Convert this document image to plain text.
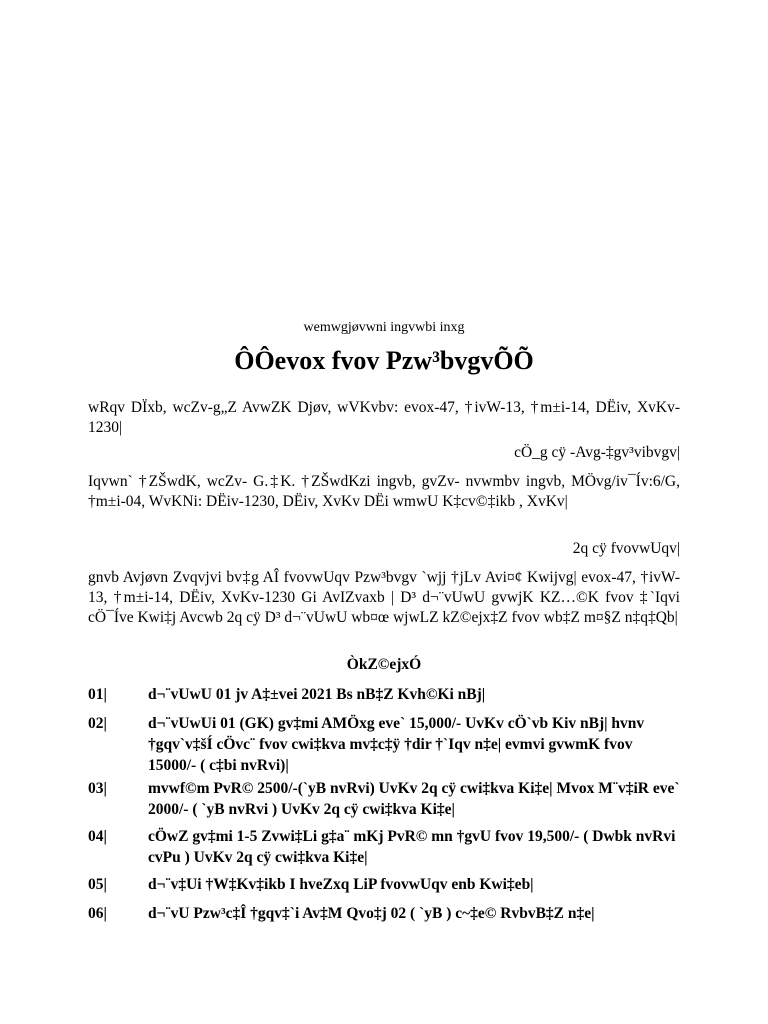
wemwgjøvwni ingvwbi inxg
ÔÔevox fvov Pzw³bvgvÕÕ
wRqv DÏxb, wcZv-g„Z AvwZK Djøv, wVKvbv: evox-47, †ivW-13, †m±i-14, DËiv, XvKv-1230|
cÖ_g cÿ -Avg-‡gv³vibvgv|
Iqvwn` †ZŠwdK, wcZv- G.‡K. †ZŠwdKzi ingvb, gvZv- nvwmbv ingvb, MÖvg/iv¯Ív:6/G, †m±i-04, WvKNi: DËiv-1230, DËiv, XvKv DËi wmwU K‡cv©‡ikb , XvKv|
2q cÿ fvovwUqv|
gnvb Avjøvn Zvqvjvi bv‡g AÎ fvovwUqv Pzw³bvgv `wjj †jLv Avi¤¢ Kwijvg| evox-47, †ivW-13, †m±i-14, DËiv, XvKv-1230 Gi AvIZvaxb | D³ d¬¨vUwU gvwjK KZ…©K fvov ‡`Iqvi cÖ¯Íve Kwi‡j Avcwb 2q cÿ D³ d¬¨vUwU wb¤œ wjwLZ kZ©ejx‡Z fvov wb‡Z m¤§Z n‡q‡Qb|
ÒkZ©ejxÓ
01|	d¬¨vUwU 01 jv A‡±vei 2021 Bs nB‡Z Kvh©Ki nBj|
02|	d¬¨vUwUi 01 (GK) gv‡mi AMÖxg eve` 15,000/- UvKv cÖ`vb Kiv nBj| hvnv †gqv`v‡šÍ cÖvc¨ fvov cwi‡kva mv‡c‡ÿ †dir †`Iqv n‡e| evmvi gvwmK fvov 15000/- ( c‡bi nvRvi)|
03|	mvwf©m PvR© 2500/-(`yB nvRvi) UvKv 2q cÿ cwi‡kva Ki‡e| Mvox M¨v‡iR eve` 2000/- ( `yB nvRvi ) UvKv 2q cÿ cwi‡kva Ki‡e|
04|	cÖwZ gv‡mi 1-5 Zvwi‡Li g‡a¨ mKj PvR© mn †gvU fvov 19,500/- ( Dwbk nvRvi cvPu ) UvKv 2q cÿ cwi‡kva Ki‡e|
05|	d¬¨v‡Ui †W‡Kv‡ikb I hveZxq LiP fvovwUqv enb Kwi‡eb|
06|	d¬¨vU Pzw³c‡Î †gqv‡`i Av‡M Qvo‡j 02 ( `yB ) c~‡e© RvbvB‡Z n‡e|
